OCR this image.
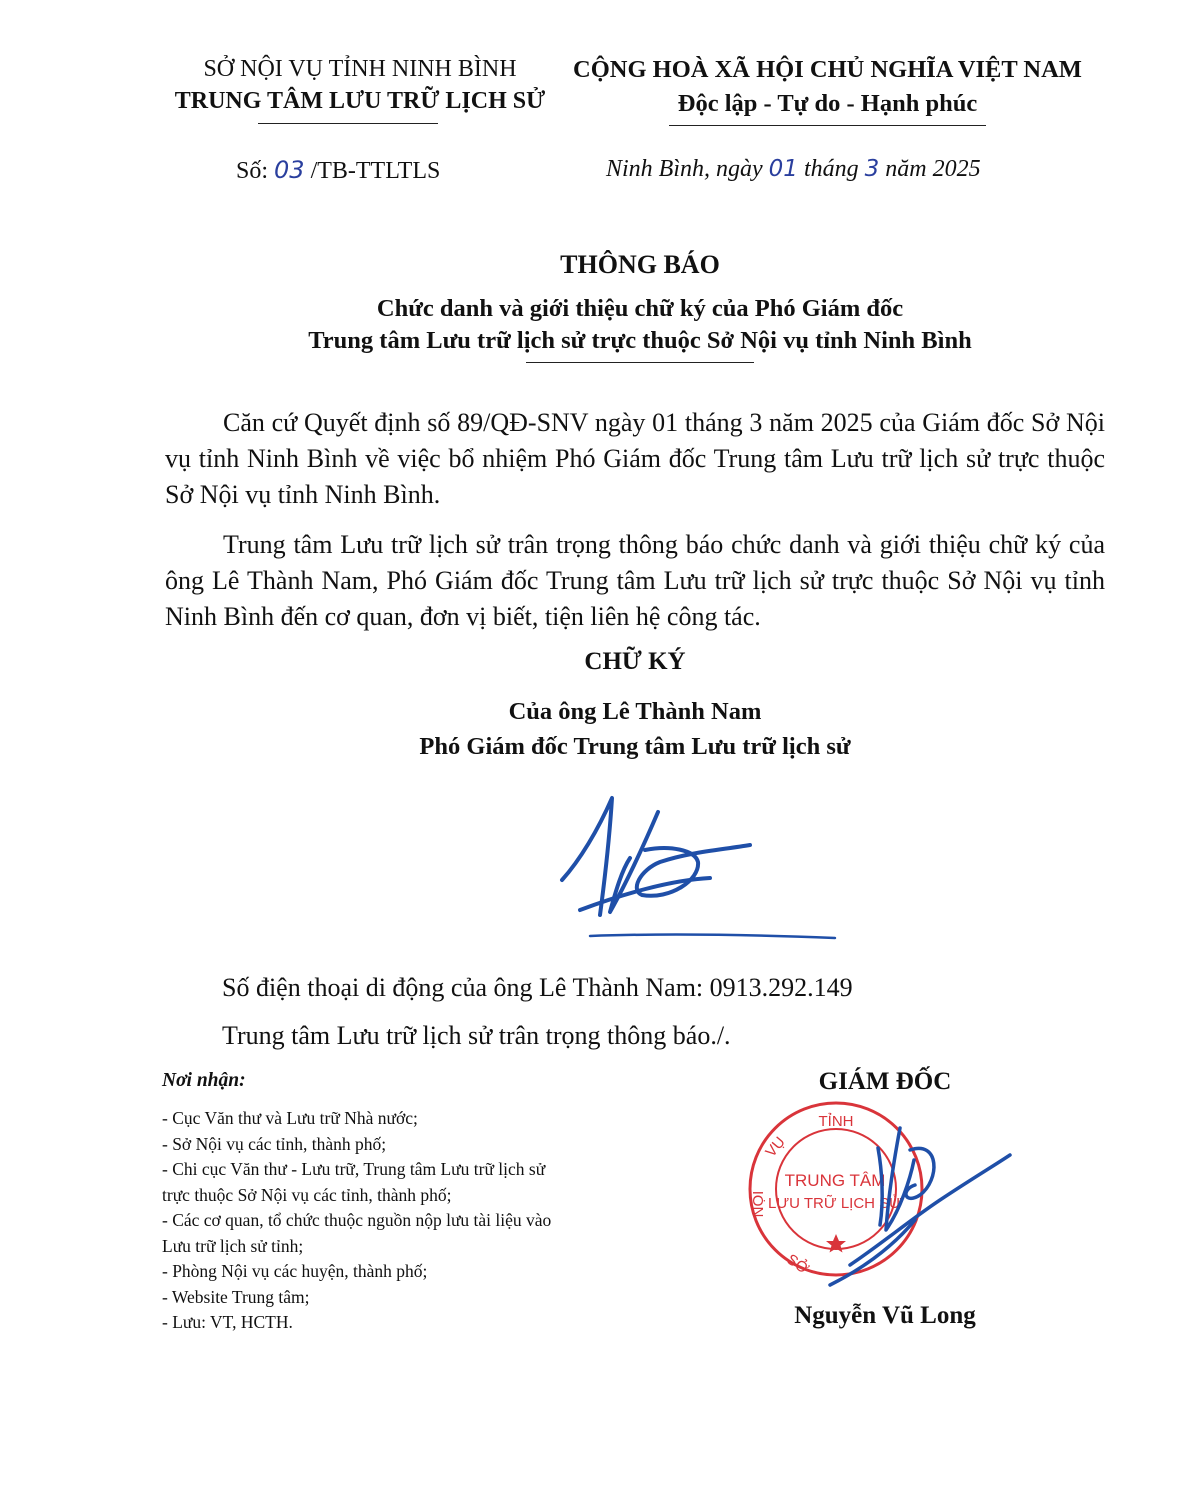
SỞ NỘI VỤ TỈNH NINH BÌNH
TRUNG TÂM LƯU TRỮ LỊCH SỬ
CỘNG HOÀ XÃ HỘI CHỦ NGHĨA VIỆT NAM
Độc lập - Tự do - Hạnh phúc
Số: 03 /TB-TTLTLS	Ninh Bình, ngày 01 tháng 3 năm 2025
THÔNG BÁO
Chức danh và giới thiệu chữ ký của Phó Giám đốc
Trung tâm Lưu trữ lịch sử trực thuộc Sở Nội vụ tỉnh Ninh Bình
Căn cứ Quyết định số 89/QĐ-SNV ngày 01 tháng 3 năm 2025 của Giám đốc Sở Nội vụ tỉnh Ninh Bình về việc bổ nhiệm Phó Giám đốc Trung tâm Lưu trữ lịch sử trực thuộc Sở Nội vụ tỉnh Ninh Bình.
Trung tâm Lưu trữ lịch sử trân trọng thông báo chức danh và giới thiệu chữ ký của ông Lê Thành Nam, Phó Giám đốc Trung tâm Lưu trữ lịch sử trực thuộc Sở Nội vụ tỉnh Ninh Bình đến cơ quan, đơn vị biết, tiện liên hệ công tác.
CHỮ KÝ
Của ông Lê Thành Nam
Phó Giám đốc Trung tâm Lưu trữ lịch sử
Số điện thoại di động của ông Lê Thành Nam: 0913.292.149
Trung tâm Lưu trữ lịch sử trân trọng thông báo./.
Nơi nhận:
- Cục Văn thư và Lưu trữ Nhà nước;
- Sở Nội vụ các tỉnh, thành phố;
- Chi cục Văn thư - Lưu trữ, Trung tâm Lưu trữ lịch sử
trực thuộc Sở Nội vụ các tỉnh, thành phố;
- Các cơ quan, tổ chức thuộc nguồn nộp lưu tài liệu vào
Lưu trữ lịch sử tỉnh;
- Phòng Nội vụ các huyện, thành phố;
- Website Trung tâm;
- Lưu: VT, HCTH.
GIÁM ĐỐC
TỈNH
VỤ
NỘI
SỞ
TRUNG TÂM
LƯU TRỮ LỊCH SỬ
Nguyễn Vũ Long
